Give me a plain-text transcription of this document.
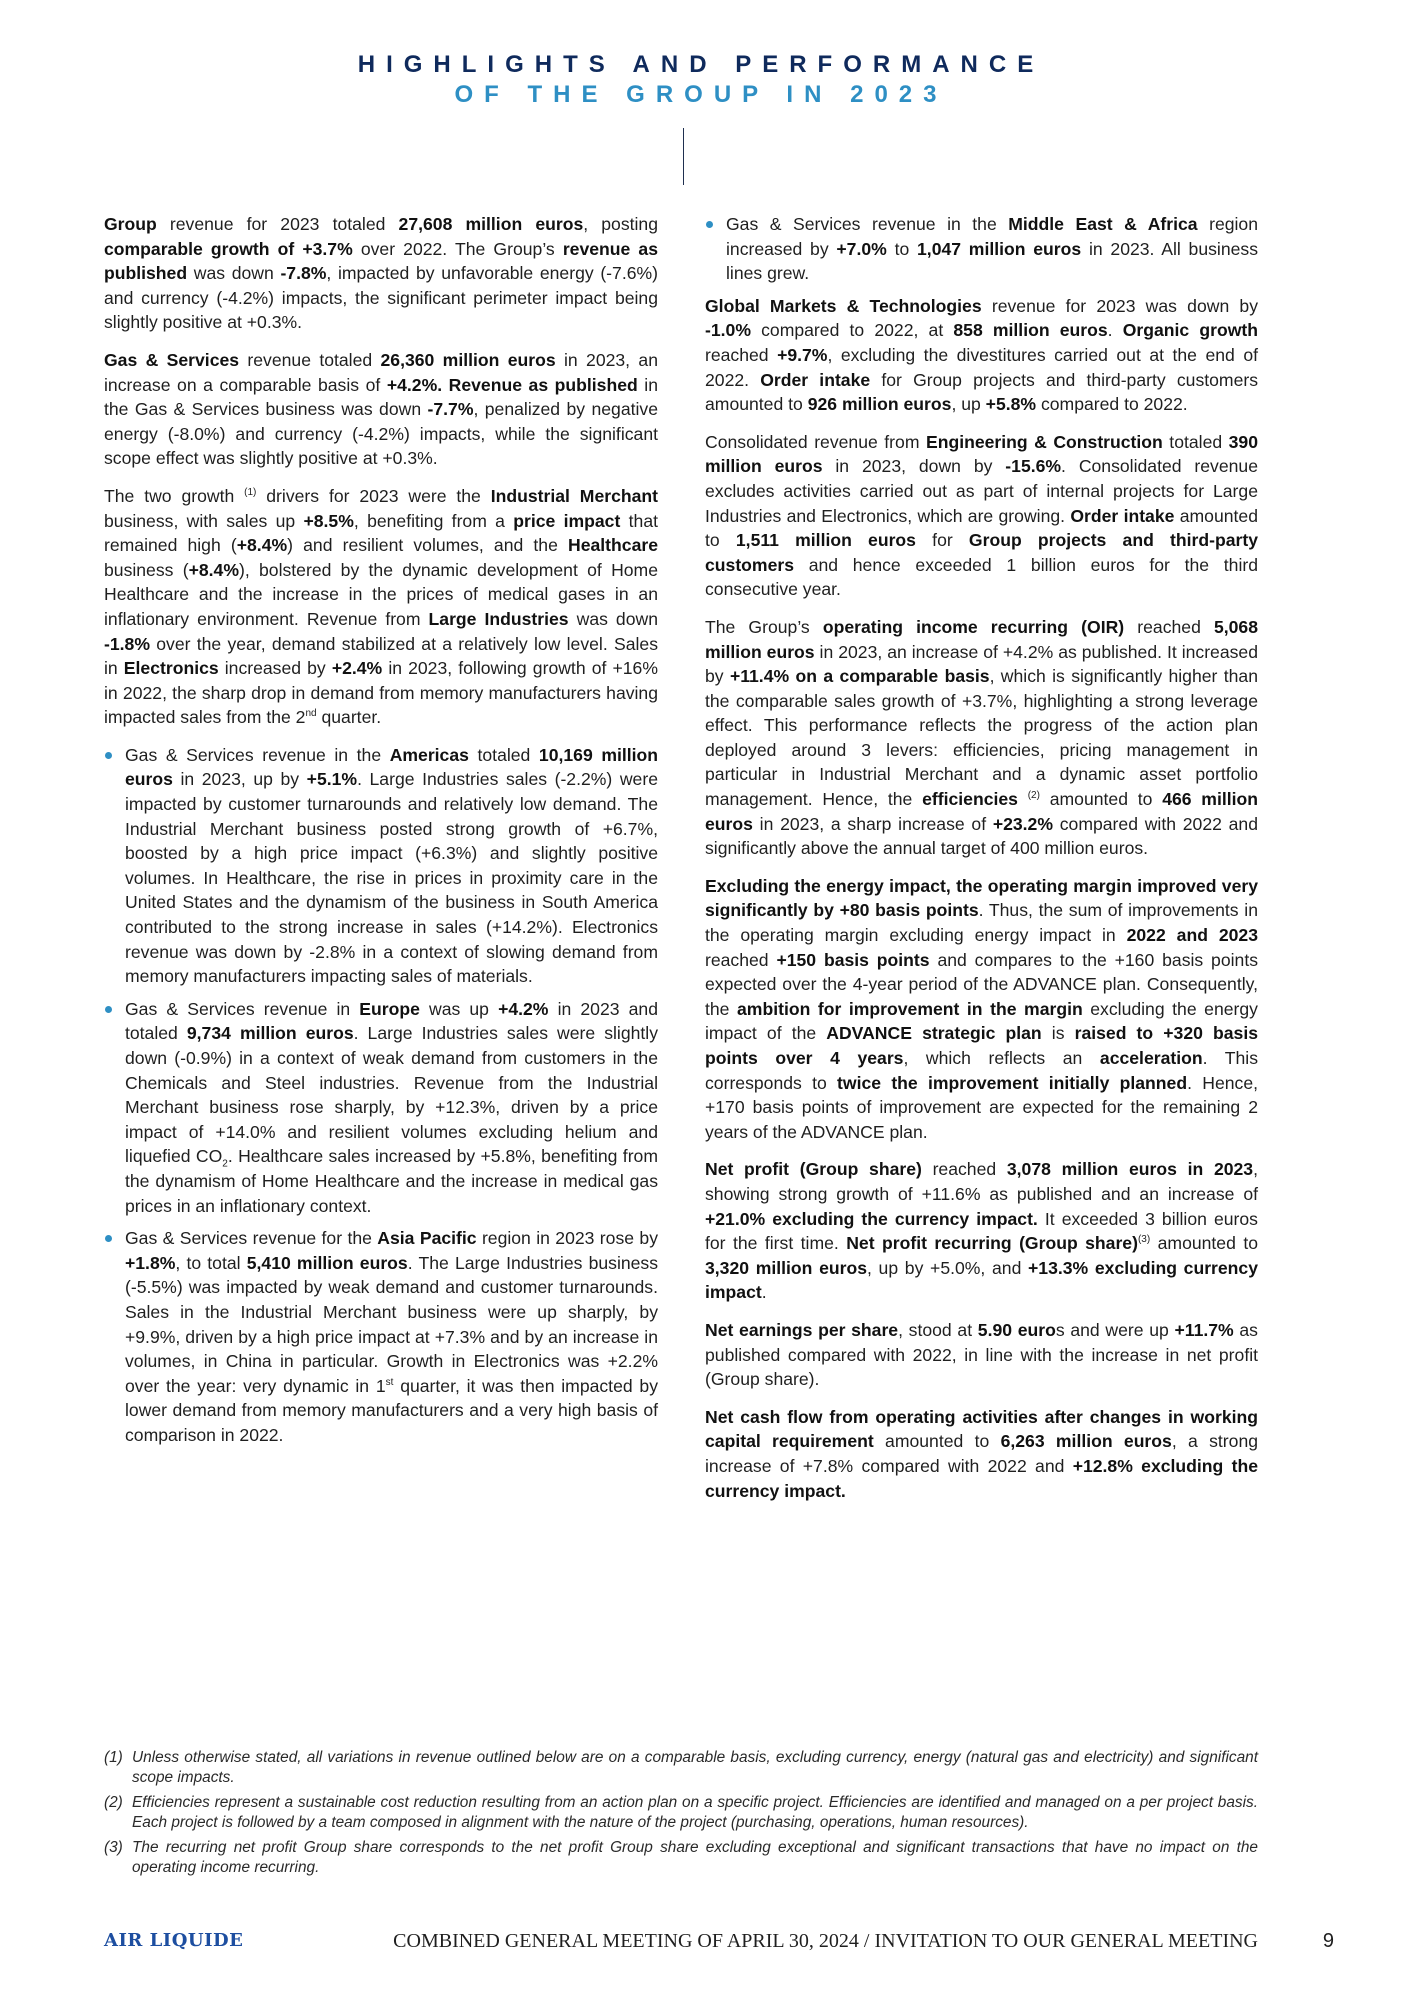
HIGHLIGHTS AND PERFORMANCE
OF THE GROUP IN 2023

Group revenue for 2023 totaled 27,608 million euros, posting comparable growth of +3.7% over 2022. The Group’s revenue as published was down -7.8%, impacted by unfavorable energy (-7.6%) and currency (-4.2%) impacts, the significant perimeter impact being slightly positive at +0.3%.

Gas & Services revenue totaled 26,360 million euros in 2023, an increase on a comparable basis of +4.2%. Revenue as published in the Gas & Services business was down -7.7%, penalized by negative energy (-8.0%) and currency (-4.2%) impacts, while the significant scope effect was slightly positive at +0.3%.

The two growth $^{(1)}$ drivers for 2023 were the Industrial Merchant business, with sales up +8.5%, benefiting from a price impact that remained high (+8.4%) and resilient volumes, and the Healthcare business (+8.4%), bolstered by the dynamic development of Home Healthcare and the increase in the prices of medical gases in an inflationary environment. Revenue from Large Industries was down -1.8% over the year, demand stabilized at a relatively low level. Sales in Electronics increased by +2.4% in 2023, following growth of +16% in 2022, the sharp drop in demand from memory manufacturers having impacted sales from the 2nd quarter.

Gas & Services revenue in the Americas totaled 10,169 million euros in 2023, up by +5.1%. Large Industries sales (-2.2%) were impacted by customer turnarounds and relatively low demand. The Industrial Merchant business posted strong growth of +6.7%, boosted by a high price impact (+6.3%) and slightly positive volumes. In Healthcare, the rise in prices in proximity care in the United States and the dynamism of the business in South America contributed to the strong increase in sales (+14.2%). Electronics revenue was down by -2.8% in a context of slowing demand from memory manufacturers impacting sales of materials.
Gas & Services revenue in Europe was up +4.2% in 2023 and totaled 9,734 million euros. Large Industries sales were slightly down (-0.9%) in a context of weak demand from customers in the Chemicals and Steel industries. Revenue from the Industrial Merchant business rose sharply, by +12.3%, driven by a price impact of +14.0% and resilient volumes excluding helium and liquefied $CO_2$. Healthcare sales increased by +5.8%, benefiting from the dynamism of Home Healthcare and the increase in medical gas prices in an inflationary context.
Gas & Services revenue for the Asia Pacific region in 2023 rose by +1.8%, to total 5,410 million euros. The Large Industries business (-5.5%) was impacted by weak demand and customer turnarounds. Sales in the Industrial Merchant business were up sharply, by +9.9%, driven by a high price impact at +7.3% and by an increase in volumes, in China in particular. Growth in Electronics was +2.2% over the year: very dynamic in 1st quarter, it was then impacted by lower demand from memory manufacturers and a very high basis of comparison in 2022.
Gas & Services revenue in the Middle East & Africa region increased by +7.0% to 1,047 million euros in 2023. All business lines grew.

Global Markets & Technologies revenue for 2023 was down by -1.0% compared to 2022, at 858 million euros. Organic growth reached +9.7%, excluding the divestitures carried out at the end of 2022. Order intake for Group projects and third-party customers amounted to 926 million euros, up +5.8% compared to 2022.

Consolidated revenue from Engineering & Construction totaled 390 million euros in 2023, down by -15.6%. Consolidated revenue excludes activities carried out as part of internal projects for Large Industries and Electronics, which are growing. Order intake amounted to 1,511 million euros for Group projects and third-party customers and hence exceeded 1 billion euros for the third consecutive year.

The Group’s operating income recurring (OIR) reached 5,068 million euros in 2023, an increase of +4.2% as published. It increased by +11.4% on a comparable basis, which is significantly higher than the comparable sales growth of +3.7%, highlighting a strong leverage effect. This performance reflects the progress of the action plan deployed around 3 levers: efficiencies, pricing management in particular in Industrial Merchant and a dynamic asset portfolio management. Hence, the efficiencies $^{(2)}$ amounted to 466 million euros in 2023, a sharp increase of +23.2% compared with 2022 and significantly above the annual target of 400 million euros.

Excluding the energy impact, the operating margin improved very significantly by +80 basis points. Thus, the sum of improvements in the operating margin excluding energy impact in 2022 and 2023 reached +150 basis points and compares to the +160 basis points expected over the 4-year period of the ADVANCE plan. Consequently, the ambition for improvement in the margin excluding the energy impact of the ADVANCE strategic plan is raised to +320 basis points over 4 years, which reflects an acceleration. This corresponds to twice the improvement initially planned. Hence, +170 basis points of improvement are expected for the remaining 2 years of the ADVANCE plan.

Net profit (Group share) reached 3,078 million euros in 2023, showing strong growth of +11.6% as published and an increase of +21.0% excluding the currency impact. It exceeded 3 billion euros for the first time. Net profit recurring (Group share)$^{(3)}$ amounted to 3,320 million euros, up by +5.0%, and +13.3% excluding currency impact.

Net earnings per share, stood at 5.90 euros and were up +11.7% as published compared with 2022, in line with the increase in net profit (Group share).

Net cash flow from operating activities after changes in working capital requirement amounted to 6,263 million euros, a strong increase of +7.8% compared with 2022 and +12.8% excluding the currency impact.

(1) Unless otherwise stated, all variations in revenue outlined below are on a comparable basis, excluding currency, energy (natural gas and electricity) and significant scope impacts.
(2) Efficiencies represent a sustainable cost reduction resulting from an action plan on a specific project. Efficiencies are identified and managed on a per project basis. Each project is followed by a team composed in alignment with the nature of the project (purchasing, operations, human resources).
(3) The recurring net profit Group share corresponds to the net profit Group share excluding exceptional and significant transactions that have no impact on the operating income recurring.
AIR LIQUIDE	COMBINED GENERAL MEETING OF APRIL 30, 2024 / INVITATION TO OUR GENERAL MEETING	9
